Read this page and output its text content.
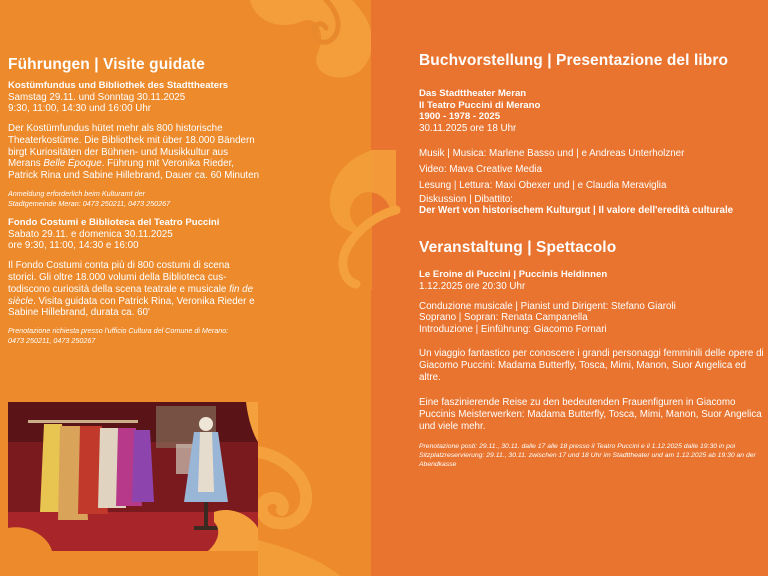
Führungen | Visite guidate
Kostümfundus und Bibliothek des Stadttheaters
Samstag 29.11. und Sonntag 30.11.2025
9:30, 11:00, 14:30 und 16:00 Uhr
Der Kostümfundus hütet mehr als 800 historische Theaterkostüme. Die Bibliothek mit über 18.000 Bändern birgt Kuriositäten der Bühnen- und Musikkultur aus Merans Belle Époque. Führung mit Veronika Rieder, Patrick Rina und Sabine Hillebrand, Dauer ca. 60 Minuten
Anmeldung erforderlich beim Kulturamt der
Stadtgemeinde Meran: 0473 250211, 0473 250267
Fondo Costumi e Biblioteca del Teatro Puccini
Sabato 29.11. e domenica 30.11.2025
ore 9:30, 11:00, 14:30 e 16:00
Il Fondo Costumi conta più di 800 costumi di scena storici. Gli oltre 18.000 volumi della Biblioteca cus-todiscono curiosità della scena teatrale e musicale fin de siècle. Visita guidata con Patrick Rina, Veronika Rieder e Sabine Hillebrand, durata ca. 60'
Prenotazione richiesta presso l'ufficio Cultura del Comune di Merano:
0473 250211, 0473 250267
Buchvorstellung | Presentazione del libro
Das Stadttheater Meran
Il Teatro Puccini di Merano
1900 - 1978 - 2025
30.11.2025 ore 18 Uhr
Musik | Musica: Marlene Basso und | e Andreas Unterholzner
Video: Mava Creative Media
Lesung | Lettura: Maxi Obexer und | e Claudia Meraviglia
Diskussion | Dibattito:
Der Wert von historischem Kulturgut | Il valore dell'eredità culturale
Veranstaltung | Spettacolo
Le Eroine di Puccini | Puccinis Heldinnen
1.12.2025 ore 20:30 Uhr
Conduzione musicale | Pianist und Dirigent: Stefano Giaroli
Soprano | Sopran: Renata Campanella
Introduzione | Einführung: Giacomo Fornari
Un viaggio fantastico per conoscere i grandi personaggi femminili delle opere di Giacomo Puccini: Madama Butterfly, Tosca, Mimi, Manon, Suor Angelica ed altre.
Eine faszinierende Reise zu den bedeutenden Frauenfiguren in Giacomo Puccinis Meisterwerken: Madama Butterfly, Tosca, Mimi, Manon, Suor Angelica und viele mehr.
Prenotazione posti: 29.11., 30.11. dalle 17 alle 18 presso il Teatro Puccini e il 1.12.2025 dalle 19:30 in poi Sitzplatzreservierung: 29.11., 30.11. zwischen 17 und 18 Uhr im Stadttheater und am 1.12.2025 ab 19:30 an der Abendkasse
